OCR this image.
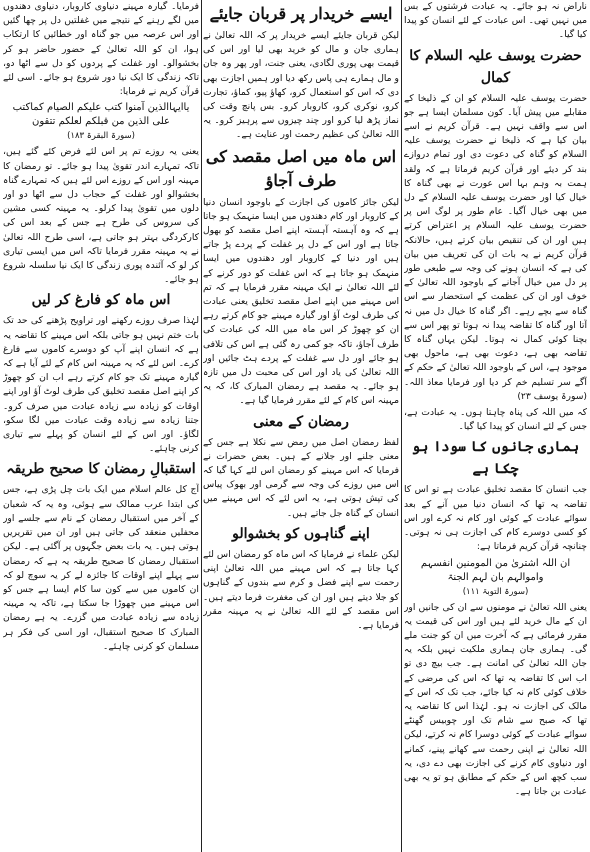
ناراض نہ ہو جائے۔ یہ عبادت فرشتوں کے بس میں نہیں تھی۔ اس عبادت کے لئے انسان کو پیدا کیا گیا۔
حضرت یوسف علیہ السلام کا کمال
حضرت یوسف علیہ السلام کو ان کے ذلیخا کے مقابلے میں پیش آیا۔ کون مسلمان ایسا ہے جو اس سے واقف نہیں ہے۔ قرآن کریم نے اسے بیان کیا ہے کہ ذلیخا نے حضرت یوسف علیہ السلام کو گناہ کی دعوت دی اور تمام دروازے بند کر دیئے اور قرآن کریم فرماتا ہے کہ ولقد ہمت بہ وہم بہا اس عورت نے بھی گناہ کا خیال کیا اور حضرت یوسف علیہ السلام کے دل میں بھی خیال آگیا۔ عام طور پر لوگ اس پر حضرت یوسف علیہ السلام پر اعتراض کرتے ہیں اور ان کی تنقیص بیان کرتے ہیں، حالانکہ قرآن کریم نے یہ بات ان کی تعریف میں بیان کی ہے کہ انسان ہونے کی وجہ سے طبعی طور پر دل میں خیال آجانے کے باوجود اللہ تعالیٰ کے خوف اور ان کی عظمت کے استحضار سے اس گناہ سے بچے رہے۔ اگر گناہ کا خیال دل میں نہ آتا اور گناہ کا تقاضہ پیدا نہ ہوتا تو پھر اس سے بچنا کوئی کمال نہ ہوتا۔ لیکن یہاں گناہ کا تقاضہ بھی ہے، دعوت بھی ہے، ماحول بھی موجود ہے، اس کے باوجود اللہ تعالیٰ کے حکم کے آگے سر تسلیم خم کر دیا اور فرمایا معاذ اللہ۔ (سورۃ یوسف ۲۳)
کہ میں اللہ کی پناہ چاہتا ہوں۔ یہ عبادت ہے، جس کے لئے انسان کو پیدا کیا گیا۔
ہماری جانوں کا سودا ہو چکا ہے
جب انسان کا مقصد تخلیق عبادت ہے تو اس کا تقاضہ یہ تھا کہ انسان دنیا میں آنے کے بعد سوائے عبادت کے کوئی اور کام نہ کرے اور اس کو کسی دوسرے کام کی اجازت ہی نہ ہوتی۔ چنانچہ قرآن کریم فرماتا ہے:
ان اللہ اشتریٰ من المومنین انفسہم واموالہم بان لہم الجنۃ
(سورۃ التوبۃ ۱۱۱)
یعنی اللہ تعالیٰ نے مومنوں سے ان کی جانیں اور ان کے مال خرید لئے ہیں اور اس کی قیمت یہ مقرر فرمائی ہے کہ آخرت میں ان کو جنت ملے گی۔ ہماری جان ہماری ملکیت نہیں بلکہ یہ جان اللہ تعالیٰ کی امانت ہے۔ جب بیچ دی تو اب اس کا تقاضہ یہ تھا کہ اس کی مرضی کے خلاف کوئی کام نہ کیا جائے، جب تک کہ اس کے مالک کی اجازت نہ ہو۔ لہٰذا اس کا تقاضہ یہ تھا کہ صبح سے شام تک اور چوبیس گھنٹے سوائے عبادت کے کوئی دوسرا کام نہ کرتے، لیکن اللہ تعالیٰ نے اپنی رحمت سے کھانے پینے، کمانے اور دنیاوی کام کرنے کی اجازت بھی دے دی، یہ سب کچھ اس کے حکم کے مطابق ہو تو یہ بھی عبادت بن جاتا ہے۔
ایسے خریدار پر قربان جایئے
لیکن قربان جایئے ایسے خریدار پر کہ اللہ تعالیٰ نے ہماری جان و مال کو خرید بھی لیا اور اس کی قیمت بھی پوری لگادی، یعنی جنت، اور پھر وہ جان و مال ہمارے ہی پاس رکھ دیا اور ہمیں اجازت بھی دی کہ اس کو استعمال کرو، کھاؤ پیو، کماؤ، تجارت کرو، نوکری کرو، کاروبار کرو۔ بس پانچ وقت کی نماز پڑھ لیا کرو اور چند چیزوں سے پرہیز کرو۔ یہ اللہ تعالیٰ کی عظیم رحمت اور عنایت ہے۔
اس ماہ میں اصل مقصد کی طرف آجاؤ
لیکن جائز کاموں کی اجازت کے باوجود انسان دنیا کے کاروبار اور کام دھندوں میں ایسا منہمک ہو جاتا ہے کہ وہ آہستہ آہستہ اپنے اصل مقصد کو بھول جاتا ہے اور اس کے دل پر غفلت کے پردے پڑ جاتے ہیں اور دنیا کے کاروبار اور دھندوں میں ایسا منہمک ہو جاتا ہے کہ اس غفلت کو دور کرنے کے لئے اللہ تعالیٰ نے ایک مہینہ مقرر فرمایا ہے کہ تم اس مہینے میں اپنے اصل مقصد تخلیق یعنی عبادت کی طرف لوٹ آؤ اور گیارہ مہینے جو کام کرتے رہے ان کو چھوڑ کر اس ماہ میں اللہ کی عبادت کی طرف آجاؤ، تاکہ جو کمی رہ گئی ہے اس کی تلافی ہو جائے اور دل سے غفلت کے پردے ہٹ جائیں اور اللہ تعالیٰ کی یاد اور اس کی محبت دل میں تازہ ہو جائے۔ یہ مقصد ہے رمضان المبارک کا، کہ یہ مہینہ اس کام کے لئے مقرر فرمایا گیا ہے۔
رمضان کے معنی
لفظ رمضان اصل میں رمض سے نکلا ہے جس کے معنی جلنے اور جلانے کے ہیں۔ بعض حضرات نے فرمایا کہ اس مہینے کو رمضان اس لئے کہا گیا کہ اس میں روزے کی وجہ سے گرمی اور بھوک پیاس کی تپش ہوتی ہے، یہ اس لئے کہ اس مہینے میں انسان کے گناہ جل جاتے ہیں۔
اپنے گناہوں کو بخشوالو
لیکن علماء نے فرمایا کہ اس ماہ کو رمضان اس لئے کہا جاتا ہے کہ اس مہینے میں اللہ تعالیٰ اپنی رحمت سے اپنے فضل و کرم سے بندوں کے گناہوں کو جلا دیتے ہیں اور ان کی مغفرت فرما دیتے ہیں۔ اس مقصد کے لئے اللہ تعالیٰ نے یہ مہینہ مقرر فرمایا ہے۔
فرمایا۔ گیارہ مہینے دنیاوی کاروبار، دنیاوی دھندوں میں لگے رہنے کے نتیجے میں غفلتیں دل پر چھا گئیں اور اس عرصہ میں جو گناہ اور خطائیں کا ارتکاب ہوا، ان کو اللہ تعالیٰ کے حضور حاضر ہو کر بخشوالو۔ اور غفلت کے پردوں کو دل سے اٹھا دو، تاکہ زندگی کا ایک نیا دور شروع ہو جائے۔ اسی لئے قرآن کریم نے فرمایا:
یاایہاالذین آمنوا کتب علیکم الصیام کماکتب علی الذین من قبلکم لعلکم تتقون
(سورۃ البقرۃ ۱۸۳)
یعنی یہ روزے تم پر اس لئے فرض کئے گئے ہیں، تاکہ تمہارے اندر تقویٰ پیدا ہو جائے۔ تو رمضان کا مہینہ اور اس کے روزے اس لئے ہیں کہ تمہارے گناہ بخشوالو اور غفلت کے حجاب دل سے اٹھا دو اور دلوں میں تقویٰ پیدا کرلو۔ یہ مہینہ کسی مشین کی سروس کی طرح ہے جس کے بعد اس کی کارکردگی بہتر ہو جاتی ہے، اسی طرح اللہ تعالیٰ نے یہ مہینہ مقرر فرمایا تاکہ اس میں ایسی تیاری کر لو کہ آئندہ پوری زندگی کا ایک نیا سلسلہ شروع ہو جائے۔
اس ماہ کو فارغ کر لیں
لہٰذا صرف روزے رکھنے اور تراویح پڑھنے کی حد تک بات ختم نہیں ہو جاتی بلکہ اس مہینے کا تقاضہ یہ ہے کہ انسان اپنے آپ کو دوسرے کاموں سے فارغ کرے۔ اس لئے کہ یہ مہینہ اس کام کے لئے آیا ہے کہ گیارہ مہینے تک جو کام کرتے رہے اب ان کو چھوڑ کر اپنے اصل مقصد تخلیق کی طرف لوٹ آؤ اور اپنے اوقات کو زیادہ سے زیادہ عبادت میں صرف کرو۔ جتنا زیادہ سے زیادہ وقت عبادت میں لگا سکو، لگاؤ۔ اور اس کے لئے انسان کو پہلے سے تیاری کرنی چاہئے۔
استقبالِ رمضان کا صحیح طریقہ
آج کل عالم اسلام میں ایک بات چل پڑی ہے، جس کی ابتدا عرب ممالک سے ہوئی، وہ یہ کہ شعبان کے آخر میں استقبال رمضان کے نام سے جلسے اور محفلیں منعقد کی جاتی ہیں اور ان میں تقریریں ہوتی ہیں۔ یہ بات بعض جگہوں پر آگئی ہے۔ لیکن استقبال رمضان کا صحیح طریقہ یہ ہے کہ رمضان سے پہلے اپنے اوقات کا جائزہ لے کر یہ سوچ لو کہ ان کاموں میں سے کون سا کام ایسا ہے جس کو اس مہینے میں چھوڑا جا سکتا ہے، تاکہ یہ مہینہ زیادہ سے زیادہ عبادت میں گزرے۔ یہ ہے رمضان المبارک کا صحیح استقبال، اور اسی کی فکر ہر مسلمان کو کرنی چاہئے۔
